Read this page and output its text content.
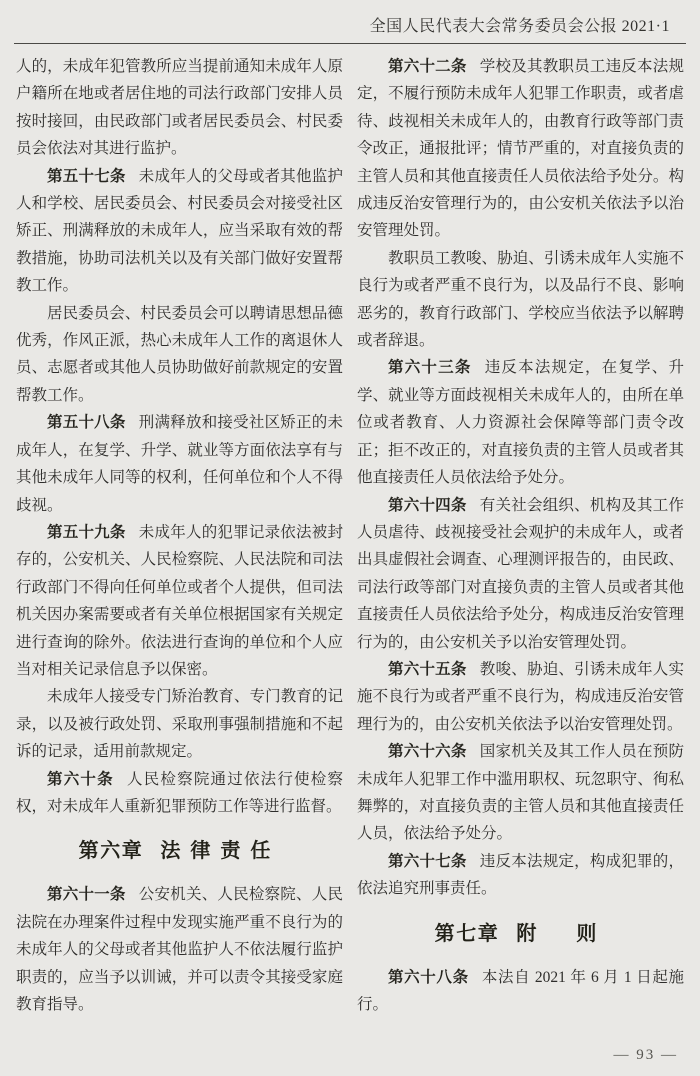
全国人民代表大会常务委员会公报 2021·1

人的，未成年犯管教所应当提前通知未成年人原户籍所在地或者居住地的司法行政部门安排人员按时接回，由民政部门或者居民委员会、村民委员会依法对其进行监护。

第五十七条 未成年人的父母或者其他监护人和学校、居民委员会、村民委员会对接受社区矫正、刑满释放的未成年人，应当采取有效的帮教措施，协助司法机关以及有关部门做好安置帮教工作。

居民委员会、村民委员会可以聘请思想品德优秀，作风正派，热心未成年人工作的离退休人员、志愿者或其他人员协助做好前款规定的安置帮教工作。

第五十八条 刑满释放和接受社区矫正的未成年人，在复学、升学、就业等方面依法享有与其他未成年人同等的权利，任何单位和个人不得歧视。

第五十九条 未成年人的犯罪记录依法被封存的，公安机关、人民检察院、人民法院和司法行政部门不得向任何单位或者个人提供，但司法机关因办案需要或者有关单位根据国家有关规定进行查询的除外。依法进行查询的单位和个人应当对相关记录信息予以保密。

未成年人接受专门矫治教育、专门教育的记录，以及被行政处罚、采取刑事强制措施和不起诉的记录，适用前款规定。

第六十条 人民检察院通过依法行使检察权，对未成年人重新犯罪预防工作等进行监督。

第六章 法律责任

第六十一条 公安机关、人民检察院、人民法院在办理案件过程中发现实施严重不良行为的未成年人的父母或者其他监护人不依法履行监护职责的，应当予以训诫，并可以责令其接受家庭教育指导。

第六十二条 学校及其教职员工违反本法规定，不履行预防未成年人犯罪工作职责，或者虐待、歧视相关未成年人的，由教育行政等部门责令改正，通报批评；情节严重的，对直接负责的主管人员和其他直接责任人员依法给予处分。构成违反治安管理行为的，由公安机关依法予以治安管理处罚。

教职员工教唆、胁迫、引诱未成年人实施不良行为或者严重不良行为，以及品行不良、影响恶劣的，教育行政部门、学校应当依法予以解聘或者辞退。

第六十三条 违反本法规定，在复学、升学、就业等方面歧视相关未成年人的，由所在单位或者教育、人力资源社会保障等部门责令改正；拒不改正的，对直接负责的主管人员或者其他直接责任人员依法给予处分。

第六十四条 有关社会组织、机构及其工作人员虐待、歧视接受社会观护的未成年人，或者出具虚假社会调查、心理测评报告的，由民政、司法行政等部门对直接负责的主管人员或者其他直接责任人员依法给予处分，构成违反治安管理行为的，由公安机关予以治安管理处罚。

第六十五条 教唆、胁迫、引诱未成年人实施不良行为或者严重不良行为，构成违反治安管理行为的，由公安机关依法予以治安管理处罚。

第六十六条 国家机关及其工作人员在预防未成年人犯罪工作中滥用职权、玩忽职守、徇私舞弊的，对直接负责的主管人员和其他直接责任人员，依法给予处分。

第六十七条 违反本法规定，构成犯罪的，依法追究刑事责任。

第七章 附　则

第六十八条 本法自 2021 年 6 月 1 日起施行。

— 93 —
